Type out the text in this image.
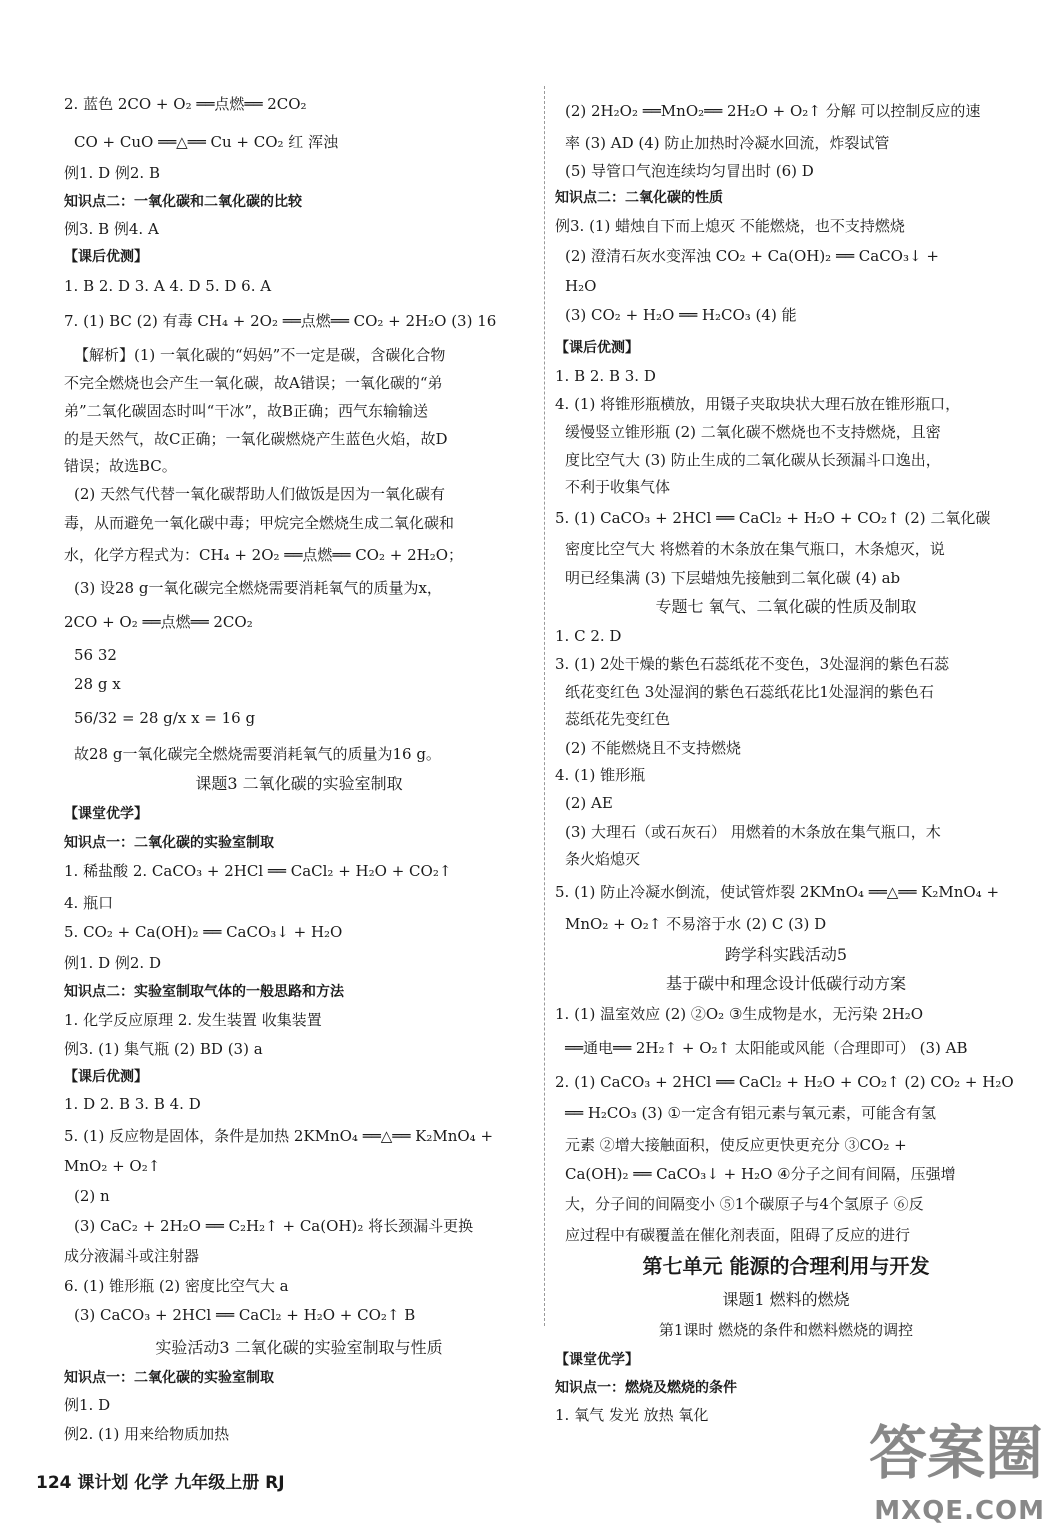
2. 蓝色 2CO + O₂ ══点燃══ 2CO₂
CO + CuO ══△══ Cu + CO₂ 红 浑浊
例1. D 例2. B
知识点二：一氧化碳和二氧化碳的比较
例3. B 例4. A
【课后优测】
1. B 2. D 3. A 4. D 5. D 6. A
7. (1) BC (2) 有毒 CH₄ + 2O₂ ══点燃══ CO₂ + 2H₂O (3) 16
【解析】(1) 一氧化碳的“妈妈”不一定是碳，含碳化合物
不完全燃烧也会产生一氧化碳，故A错误；一氧化碳的“弟
弟”二氧化碳固态时叫“干冰”，故B正确；西气东输输送
的是天然气，故C正确；一氧化碳燃烧产生蓝色火焰，故D
错误；故选BC。
(2) 天然气代替一氧化碳帮助人们做饭是因为一氧化碳有
毒，从而避免一氧化碳中毒；甲烷完全燃烧生成二氧化碳和
水，化学方程式为：CH₄ + 2O₂ ══点燃══ CO₂ + 2H₂O；
(3) 设28 g一氧化碳完全燃烧需要消耗氧气的质量为x，
2CO + O₂ ══点燃══ 2CO₂
56 32
28 g x
56/32 = 28 g/x x = 16 g
故28 g一氧化碳完全燃烧需要消耗氧气的质量为16 g。
课题3 二氧化碳的实验室制取
【课堂优学】
知识点一：二氧化碳的实验室制取
1. 稀盐酸 2. CaCO₃ + 2HCl ══ CaCl₂ + H₂O + CO₂↑
4. 瓶口
5. CO₂ + Ca(OH)₂ ══ CaCO₃↓ + H₂O
例1. D 例2. D
知识点二：实验室制取气体的一般思路和方法
1. 化学反应原理 2. 发生装置 收集装置
例3. (1) 集气瓶 (2) BD (3) a
【课后优测】
1. D 2. B 3. B 4. D
5. (1) 反应物是固体，条件是加热 2KMnO₄ ══△══ K₂MnO₄ +
MnO₂ + O₂↑
(2) n
(3) CaC₂ + 2H₂O ══ C₂H₂↑ + Ca(OH)₂ 将长颈漏斗更换
成分液漏斗或注射器
6. (1) 锥形瓶 (2) 密度比空气大 a
(3) CaCO₃ + 2HCl ══ CaCl₂ + H₂O + CO₂↑ B
实验活动3 二氧化碳的实验室制取与性质
知识点一：二氧化碳的实验室制取
例1. D
例2. (1) 用来给物质加热
(2) 2H₂O₂ ══MnO₂══ 2H₂O + O₂↑ 分解 可以控制反应的速
率 (3) AD (4) 防止加热时冷凝水回流，炸裂试管
(5) 导管口气泡连续均匀冒出时 (6) D
知识点二：二氧化碳的性质
例3. (1) 蜡烛自下而上熄灭 不能燃烧，也不支持燃烧
(2) 澄清石灰水变浑浊 CO₂ + Ca(OH)₂ ══ CaCO₃↓ +
H₂O
(3) CO₂ + H₂O ══ H₂CO₃ (4) 能
【课后优测】
1. B 2. B 3. D
4. (1) 将锥形瓶横放，用镊子夹取块状大理石放在锥形瓶口，
缓慢竖立锥形瓶 (2) 二氧化碳不燃烧也不支持燃烧，且密
度比空气大 (3) 防止生成的二氧化碳从长颈漏斗口逸出，
不利于收集气体
5. (1) CaCO₃ + 2HCl ══ CaCl₂ + H₂O + CO₂↑ (2) 二氧化碳
密度比空气大 将燃着的木条放在集气瓶口，木条熄灭，说
明已经集满 (3) 下层蜡烛先接触到二氧化碳 (4) ab
专题七 氧气、二氧化碳的性质及制取
1. C 2. D
3. (1) 2处干燥的紫色石蕊纸花不变色，3处湿润的紫色石蕊
纸花变红色 3处湿润的紫色石蕊纸花比1处湿润的紫色石
蕊纸花先变红色
(2) 不能燃烧且不支持燃烧
4. (1) 锥形瓶
(2) AE
(3) 大理石（或石灰石） 用燃着的木条放在集气瓶口，木
条火焰熄灭
5. (1) 防止冷凝水倒流，使试管炸裂 2KMnO₄ ══△══ K₂MnO₄ +
MnO₂ + O₂↑ 不易溶于水 (2) C (3) D
跨学科实践活动5
基于碳中和理念设计低碳行动方案
1. (1) 温室效应 (2) ②O₂ ③生成物是水，无污染 2H₂O
══通电══ 2H₂↑ + O₂↑ 太阳能或风能（合理即可） (3) AB
2. (1) CaCO₃ + 2HCl ══ CaCl₂ + H₂O + CO₂↑ (2) CO₂ + H₂O
══ H₂CO₃ (3) ①一定含有铝元素与氧元素，可能含有氢
元素 ②增大接触面积，使反应更快更充分 ③CO₂ +
Ca(OH)₂ ══ CaCO₃↓ + H₂O ④分子之间有间隔，压强增
大，分子间的间隔变小 ⑤1个碳原子与4个氢原子 ⑥反
应过程中有碳覆盖在催化剂表面，阻碍了反应的进行
第七单元 能源的合理利用与开发
课题1 燃料的燃烧
第1课时 燃烧的条件和燃料燃烧的调控
【课堂优学】
知识点一：燃烧及燃烧的条件
1. 氧气 发光 放热 氧化
124 课计划 化学 九年级上册 RJ	答案圈
MXQE.COM
